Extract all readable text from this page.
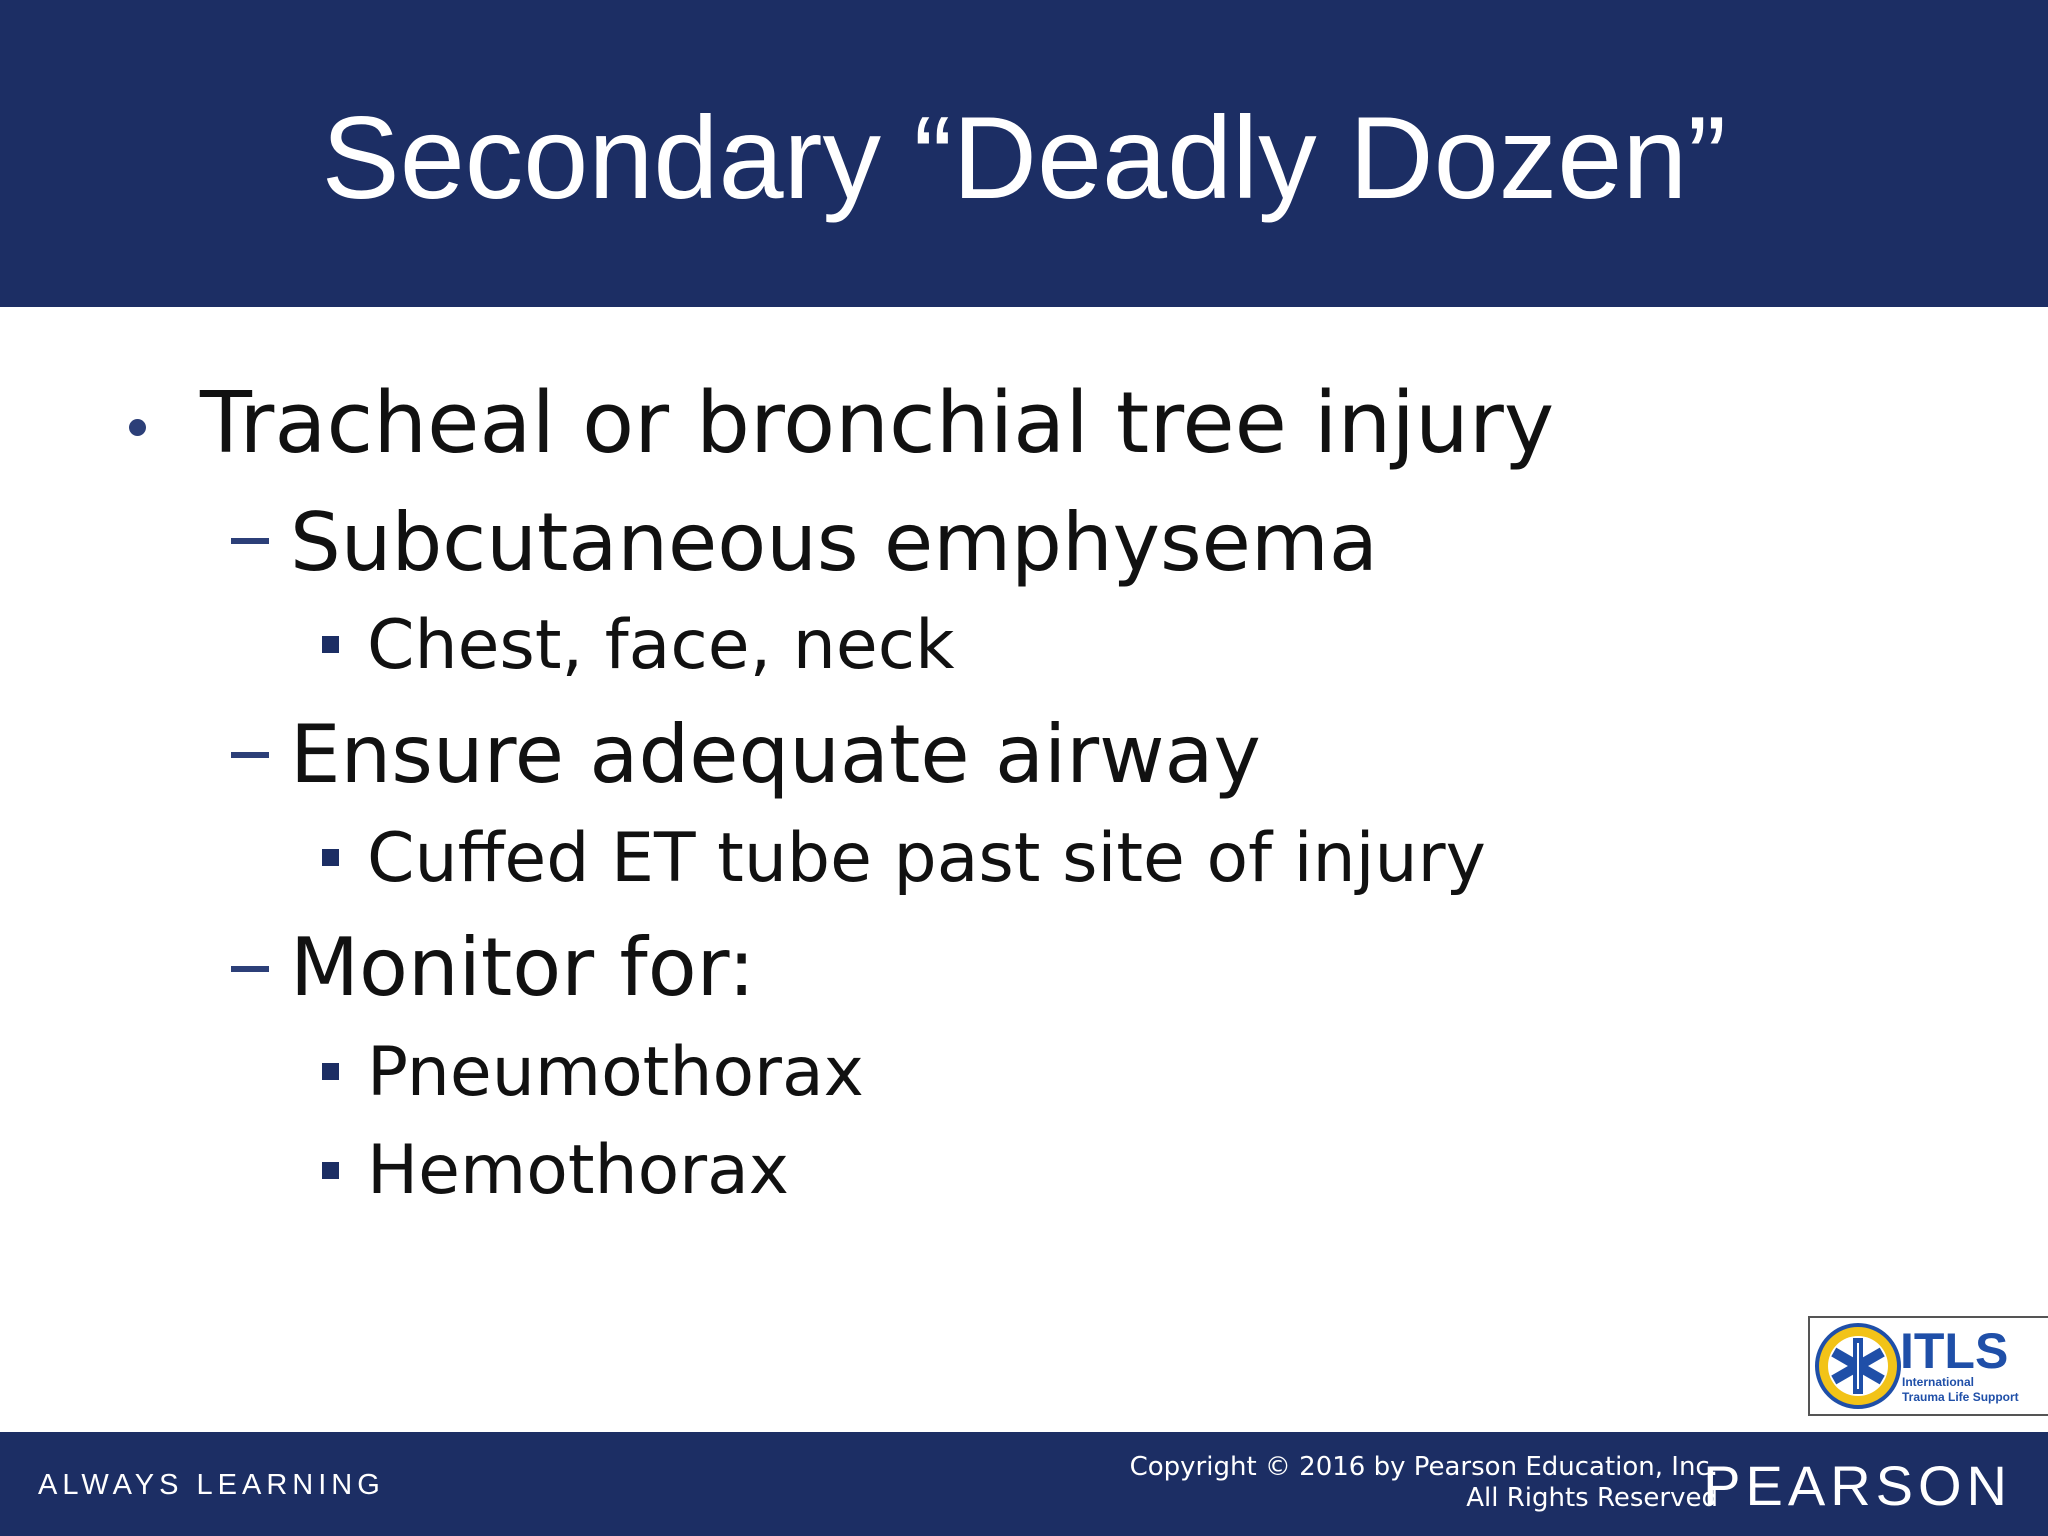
Secondary “Deadly Dozen”
Tracheal or bronchial tree injury
Subcutaneous emphysema
Chest, face, neck
Ensure adequate airway
Cuffed ET tube past site of injury
Monitor for:
Pneumothorax
Hemothorax
ITLS
International
Trauma Life Support
ALWAYS LEARNING
Copyright © 2016 by Pearson Education, Inc.
All Rights Reserved
PEARSON
